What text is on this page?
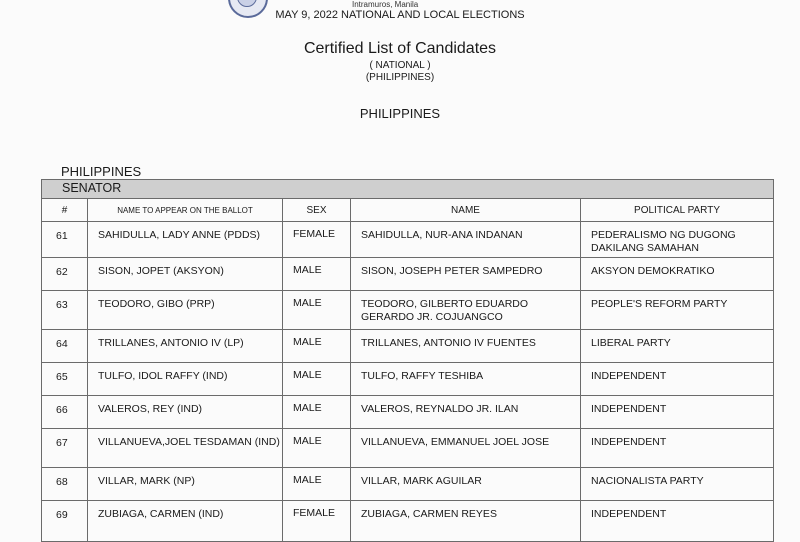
Intramuros, Manila
MAY 9, 2022 NATIONAL AND LOCAL ELECTIONS
Certified List of Candidates
( NATIONAL )
(PHILIPPINES)
PHILIPPINES
PHILIPPINES
SENATOR				
#	NAME TO APPEAR ON THE BALLOT	SEX	NAME	POLITICAL PARTY
61	SAHIDULLA, LADY ANNE (PDDS)	FEMALE	SAHIDULLA, NUR-ANA INDANAN	PEDERALISMO NG DUGONG DAKILANG SAMAHAN
62	SISON, JOPET (AKSYON)	MALE	SISON, JOSEPH PETER SAMPEDRO	AKSYON DEMOKRATIKO
63	TEODORO, GIBO (PRP)	MALE	TEODORO, GILBERTO EDUARDO GERARDO JR. COJUANGCO	PEOPLE'S REFORM PARTY
64	TRILLANES, ANTONIO IV (LP)	MALE	TRILLANES, ANTONIO IV FUENTES	LIBERAL PARTY
65	TULFO, IDOL RAFFY (IND)	MALE	TULFO, RAFFY TESHIBA	INDEPENDENT
66	VALEROS, REY (IND)	MALE	VALEROS, REYNALDO JR. ILAN	INDEPENDENT
67	VILLANUEVA,JOEL TESDAMAN (IND)	MALE	VILLANUEVA, EMMANUEL JOEL JOSE	INDEPENDENT
68	VILLAR, MARK (NP)	MALE	VILLAR, MARK AGUILAR	NACIONALISTA PARTY
69	ZUBIAGA, CARMEN (IND)	FEMALE	ZUBIAGA, CARMEN REYES	INDEPENDENT
